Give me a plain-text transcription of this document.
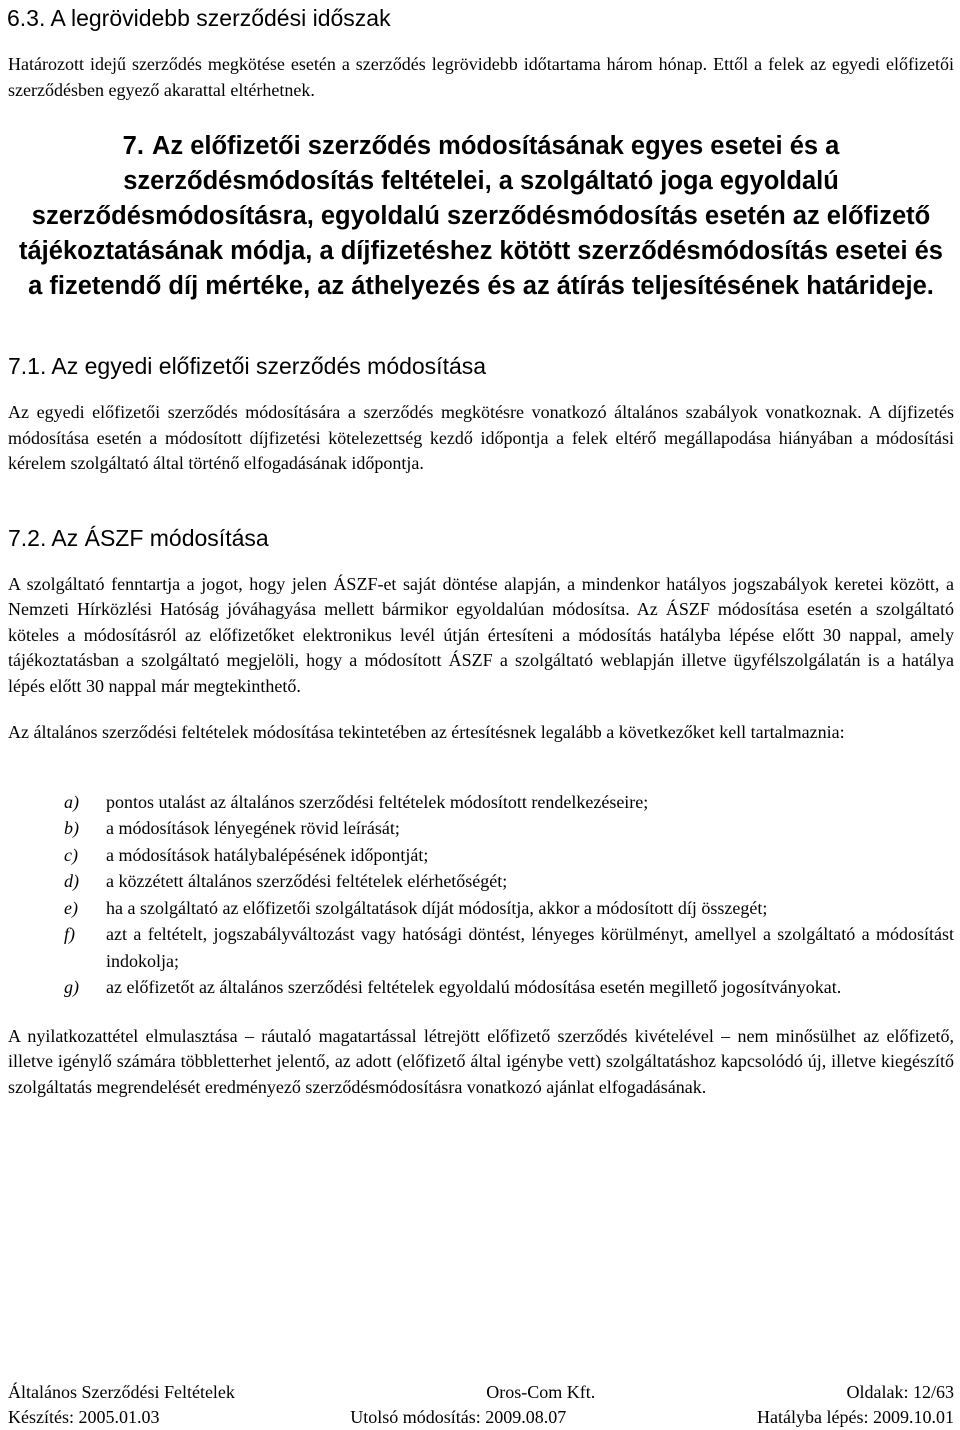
6.3. A legrövidebb szerződési időszak

Határozott idejű szerződés megkötése esetén a szerződés legrövidebb időtartama három hónap. Ettől a felek az egyedi előfizetői szerződésben egyező akarattal eltérhetnek.

7. Az előfizetői szerződés módosításának egyes esetei és a szerződésmódosítás feltételei, a szolgáltató joga egyoldalú szerződésmódosításra, egyoldalú szerződésmódosítás esetén az előfizető tájékoztatásának módja, a díjfizetéshez kötött szerződésmódosítás esetei és a fizetendő díj mértéke, az áthelyezés és az átírás teljesítésének határideje.
7.1. Az egyedi előfizetői szerződés módosítása

Az egyedi előfizetői szerződés módosítására a szerződés megkötésre vonatkozó általános szabályok vonatkoznak. A díjfizetés módosítása esetén a módosított díjfizetési kötelezettség kezdő időpontja a felek eltérő megállapodása hiányában a módosítási kérelem szolgáltató által történő elfogadásának időpontja.

7.2. Az ÁSZF módosítása

A szolgáltató fenntartja a jogot, hogy jelen ÁSZF-et saját döntése alapján, a mindenkor hatályos jogszabályok keretei között, a Nemzeti Hírközlési Hatóság jóváhagyása mellett bármikor egyoldalúan módosítsa. Az ÁSZF módosítása esetén a szolgáltató köteles a módosításról az előfizetőket elektronikus levél útján értesíteni a módosítás hatályba lépése előtt 30 nappal, amely tájékoztatásban a szolgáltató megjelöli, hogy a módosított ÁSZF a szolgáltató weblapján illetve ügyfélszolgálatán is a hatálya lépés előtt 30 nappal már megtekinthető.

Az általános szerződési feltételek módosítása tekintetében az értesítésnek legalább a következőket kell tartalmaznia:

a)	pontos utalást az általános szerződési feltételek módosított rendelkezéseire;
b)	a módosítások lényegének rövid leírását;
c)	a módosítások hatálybalépésének időpontját;
d)	a közzétett általános szerződési feltételek elérhetőségét;
e)	ha a szolgáltató az előfizetői szolgáltatások díját módosítja, akkor a módosított díj összegét;
f)	azt a feltételt, jogszabályváltozást vagy hatósági döntést, lényeges körülményt, amellyel a szolgáltató a módosítást indokolja;
g)	az előfizetőt az általános szerződési feltételek egyoldalú módosítása esetén megillető jogosítványokat.

A nyilatkozattétel elmulasztása – ráutaló magatartással létrejött előfizető szerződés kivételével – nem minősülhet az előfizető, illetve igénylő számára többletterhet jelentő, az adott (előfizető által igénybe vett) szolgáltatáshoz kapcsolódó új, illetve kiegészítő szolgáltatás megrendelését eredményező szerződésmódosításra vonatkozó ajánlat elfogadásának.

Általános Szerződési Feltételek	Oros-Com Kft.	Oldalak: 12/63
Készítés: 2005.01.03	Utolsó módosítás: 2009.08.07	Hatályba lépés: 2009.10.01
